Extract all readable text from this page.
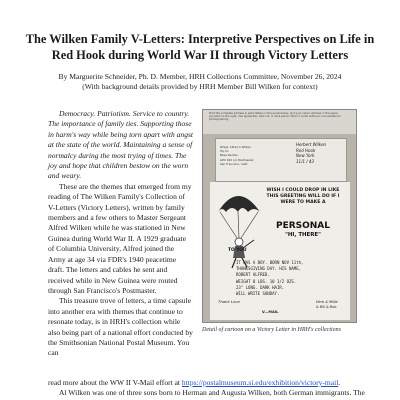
The Wilken Family V-Letters: Interpretive Perspectives on Life in Red Hook during World War II through Victory Letters
By Marguerite Schneider, Ph. D. Member, HRH Collections Committee, November 26, 2024
(With background details provided by HRH Member Bill Wilken for context)

Democracy. Patriotism. Service to country. The importance of family ties. Supporting those in harm's way while being torn apart with angst at the state of the world. Maintaining a sense of normalcy during the most trying of times. The joy and hope that children bestow on the worn and weary.

These are the themes that emerged from my reading of The Wilken Family's Collection of V-Letters (Victory Letters), written by family members and a few others to Master Sergeant Alfred Wilken while he was stationed in New Guinea during World War II. A 1929 graduate of Columbia University, Alfred joined the Army at age 34 via FDR's 1940 peacetime draft. The letters and cables he sent and received while in New Guinea were routed through San Francisco's Postmaster.

This treasure trove of letters, a time capsule into another era with themes that continue to resonate today, is in HRH's collection while also being part of a national effort conducted by the Smithsonian National Postal Museum. You can

read more about the WW II V-Mail effort at https://postalmuseum.si.edu/exhibition/victory-mail.

Al Wilken was one of three sons born to Herman and Augusta Wilken, both German immigrants. The

Print the complete address in plain letters in the panel below, and your return address in the space provided on the right. Use typewriter, dark ink, or dark pencil. Faint or small writing is not suitable for photographing.
M/Sgt. Alfred A Wilken
Hq Co
Base Section
APO 922 c/o Postmaster
San Francisco, Calif.
Herbert Wilken
Red Hook
New York
11/1 / 43
WISH I COULD DROP IN LIKE THIS GREETING WILL DO IF I WERE TO MAKE A
PERSONAL
"HI, THERE"
TO YOU
IT WAS A BOY. BORN NOV 11th,
THANKSGIVING DAY. HIS NAME,
ROBERT ALFRED.
WEIGHT 8 LBS. 10 1/2 OZS.
23" LONG. DARK HAIR.
WILL WRITE SUNDAY.
Thank Love	Herb & Millie
& Bill & Bob.
V...MAIL
Detail of cartoon on a Victory Letter in HRH's collections
